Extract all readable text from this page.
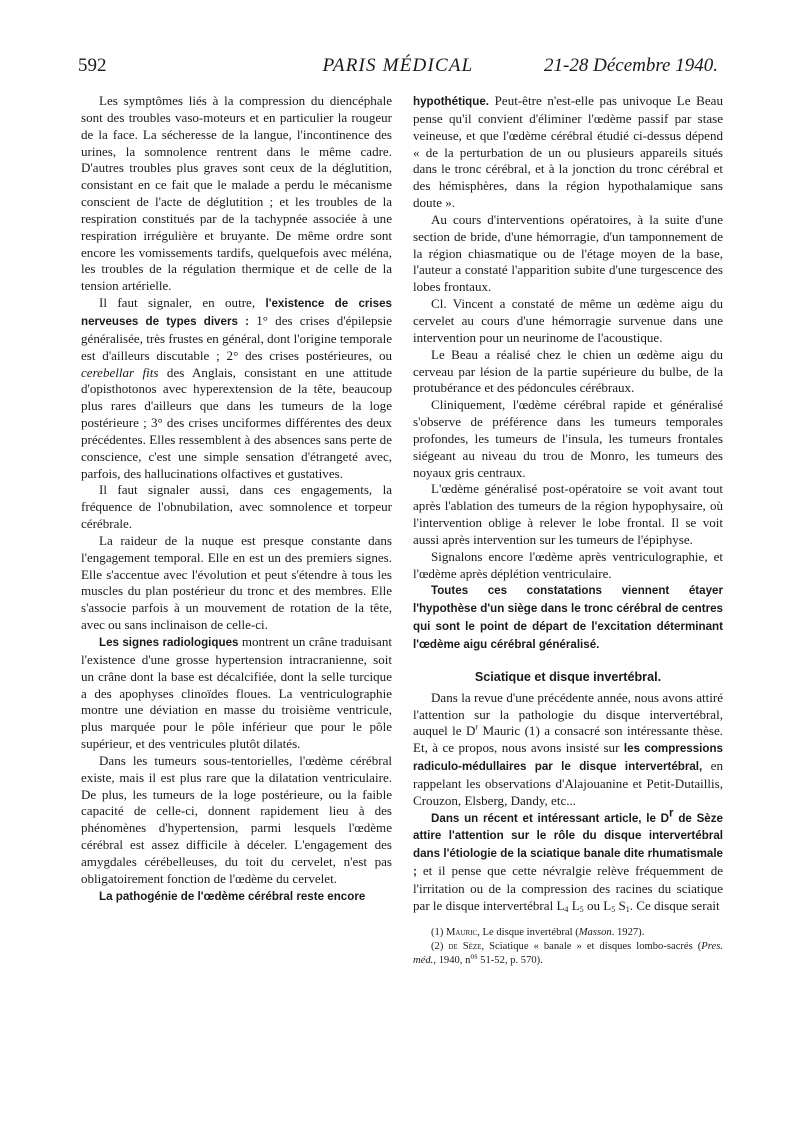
592	PARIS MÉDICAL	21-28 Décembre 1940.

Les symptômes liés à la compression du diencéphale sont des troubles vaso-moteurs et en particulier la rougeur de la face. La sécheresse de la langue, l'incontinence des urines, la somnolence rentrent dans le même cadre. D'autres troubles plus graves sont ceux de la déglutition, consistant en ce fait que le malade a perdu le mécanisme conscient de l'acte de déglutition ; et les troubles de la respiration constitués par de la tachypnée associée à une respiration irrégulière et bruyante. De même ordre sont encore les vomissements tardifs, quelquefois avec méléna, les troubles de la régulation thermique et de celle de la tension artérielle.

Il faut signaler, en outre, l'existence de crises nerveuses de types divers : 1° des crises d'épilepsie généralisée, très frustes en général, dont l'origine temporale est d'ailleurs discutable ; 2° des crises postérieures, ou cerebellar fits des Anglais, consistant en une attitude d'opisthotonos avec hyperextension de la tête, beaucoup plus rares d'ailleurs que dans les tumeurs de la loge postérieure ; 3° des crises unciformes différentes des deux précédentes. Elles ressemblent à des absences sans perte de conscience, c'est une simple sensation d'étrangeté avec, parfois, des hallucinations olfactives et gustatives.

Il faut signaler aussi, dans ces engagements, la fréquence de l'obnubilation, avec somnolence et torpeur cérébrale.

La raideur de la nuque est presque constante dans l'engagement temporal. Elle en est un des premiers signes. Elle s'accentue avec l'évolution et peut s'étendre à tous les muscles du plan postérieur du tronc et des membres. Elle s'associe parfois à un mouvement de rotation de la tête, avec ou sans inclinaison de celle-ci.

Les signes radiologiques montrent un crâne traduisant l'existence d'une grosse hypertension intracranienne, soit un crâne dont la base est décalcifiée, dont la selle turcique a des apophyses clinoïdes floues. La ventriculographie montre une déviation en masse du troisième ventricule, plus marquée pour le pôle inférieur que pour le pôle supérieur, et des ventricules plutôt dilatés.

Dans les tumeurs sous-tentorielles, l'œdème cérébral existe, mais il est plus rare que la dilatation ventriculaire. De plus, les tumeurs de la loge postérieure, ou la faible capacité de celle-ci, donnent rapidement lieu à des phénomènes d'hypertension, parmi lesquels l'œdème cérébral est assez difficile à déceler. L'engagement des amygdales cérébelleuses, du toit du cervelet, n'est pas obligatoirement fonction de l'œdème du cervelet.

La pathogénie de l'œdème cérébral reste encore

hypothétique. Peut-être n'est-elle pas univoque Le Beau pense qu'il convient d'éliminer l'œdème passif par stase veineuse, et que l'œdème cérébral étudié ci-dessus dépend « de la perturbation de un ou plusieurs appareils situés dans le tronc cérébral, et à la jonction du tronc cérébral et des hémisphères, dans la région hypothalamique sans doute ».

Au cours d'interventions opératoires, à la suite d'une section de bride, d'une hémorragie, d'un tamponnement de la région chiasmatique ou de l'étage moyen de la base, l'auteur a constaté l'apparition subite d'une turgescence des lobes frontaux.

Cl. Vincent a constaté de même un œdème aigu du cervelet au cours d'une hémorragie survenue dans une intervention pour un neurinome de l'acoustique.

Le Beau a réalisé chez le chien un œdème aigu du cerveau par lésion de la partie supérieure du bulbe, de la protubérance et des pédoncules cérébraux.

Cliniquement, l'œdème cérébral rapide et généralisé s'observe de préférence dans les tumeurs temporales profondes, les tumeurs de l'insula, les tumeurs frontales siégeant au niveau du trou de Monro, les tumeurs des noyaux gris centraux.

L'œdème généralisé post-opératoire se voit avant tout après l'ablation des tumeurs de la région hypophysaire, où l'intervention oblige à relever le lobe frontal. Il se voit aussi après intervention sur les tumeurs de l'épiphyse.

Signalons encore l'œdème après ventriculographie, et l'œdème après déplétion ventriculaire.

Toutes ces constatations viennent étayer l'hypothèse d'un siège dans le tronc cérébral de centres qui sont le point de départ de l'excitation déterminant l'œdème aigu cérébral généralisé.

Sciatique et disque invertébral.

Dans la revue d'une précédente année, nous avons attiré l'attention sur la pathologie du disque intervertébral, auquel le $D^r$ Mauric (1) a consacré son intéressante thèse. Et, à ce propos, nous avons insisté sur les compressions radiculo-médullaires par le disque intervertébral, en rappelant les observations d'Alajouanine et Petit-Dutaillis, Crouzon, Elsberg, Dandy, etc...

Dans un récent et intéressant article, le $D^r$ de Sèze attire l'attention sur le rôle du disque intervertébral dans l'étiologie de la sciatique banale dite rhumatismale ; et il pense que cette névralgie relève fréquemment de l'irritation ou de la compression des racines du sciatique par le disque intervertébral $L_4$ $L_5$ ou $L_5$ $S_1$. Ce disque serait

(1) Mauric, Le disque invertébral (Masson. 1927).

(2) de Sèze, Sciatique « banale » et disques lombo-sacrés (Pres. méd., 1940, $n^{os}$ 51-52, p. 570).
